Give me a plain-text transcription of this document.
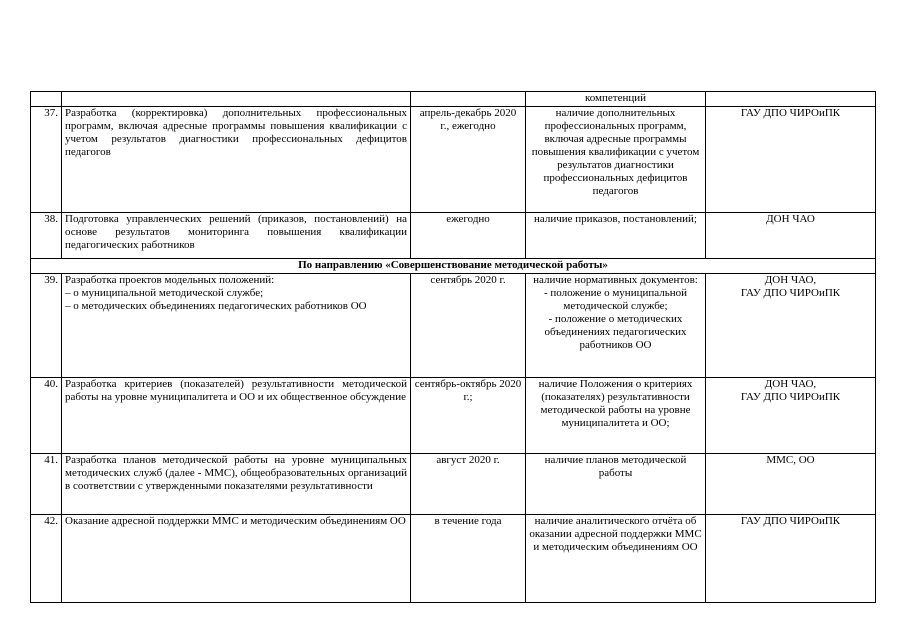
			компетенций	
37.	Разработка (корректировка) дополнительных профессиональных программ, включая адресные программы повышения квалификации с учетом результатов диагностики профессиональных дефицитов педагогов	апрель-декабрь 2020 г., ежегодно	наличие дополнительных профессиональных программ, включая адресные программы повышения квалификации с учетом результатов диагностики профессиональных дефицитов педагогов	ГАУ ДПО ЧИРОиПК
38.	Подготовка управленческих решений (приказов, постановлений) на основе результатов мониторинга повышения квалификации педагогических работников	ежегодно	наличие приказов, постановлений;	ДОН ЧАО
По направлению «Совершенствование методической работы»				
39.	Разработка проектов модельных положений:
– о муниципальной методической службе;
– о методических объединениях педагогических работников ОО	сентябрь 2020 г.	наличие нормативных документов:
- положение о муниципальной методической службе;
- положение о методических объединениях педагогических работников ОО	ДОН ЧАО,
ГАУ ДПО ЧИРОиПК
40.	Разработка критериев (показателей) результативности методической работы на уровне муниципалитета и ОО и их общественное обсуждение	сентябрь-октябрь 2020 г.;	наличие Положения о критериях (показателях) результативности методической работы на уровне муниципалитета и ОО;	ДОН ЧАО,
ГАУ ДПО ЧИРОиПК
41.	Разработка планов методической работы на уровне муниципальных методических служб (далее - ММС), общеобразовательных организаций в соответствии с утвержденными показателями результативности	август 2020 г.	наличие планов методической работы	ММС, ОО
42.	Оказание адресной поддержки ММС и методическим объединениям ОО	в течение года	наличие аналитического отчёта об оказании адресной поддержки ММС и методическим объединениям ОО	ГАУ ДПО ЧИРОиПК
